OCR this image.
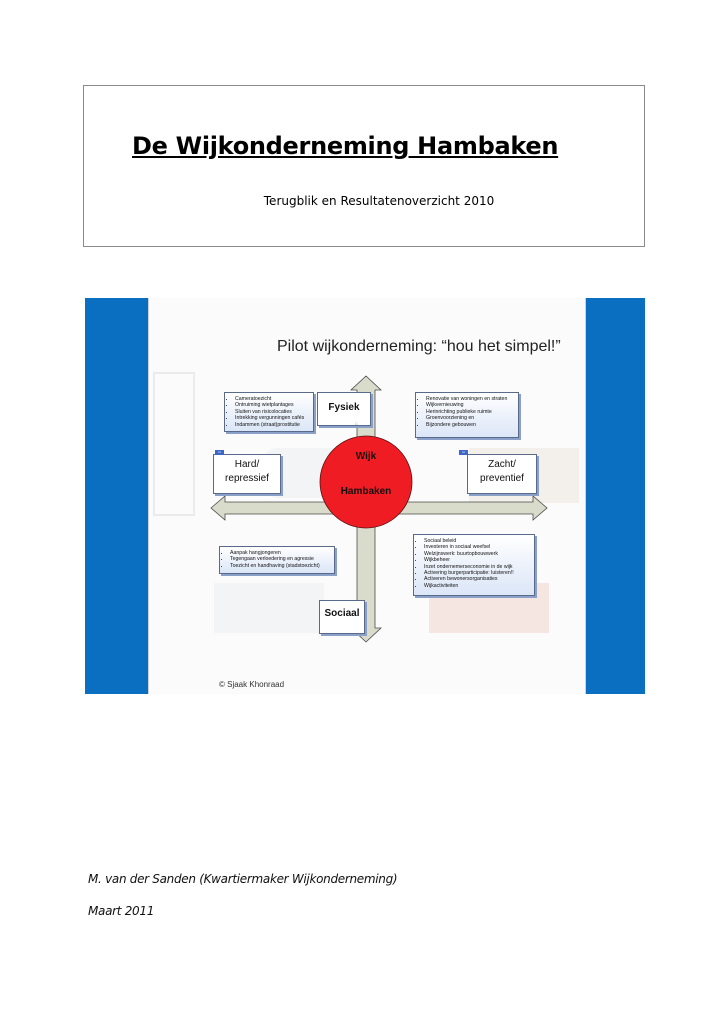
De Wijkonderneming Hambaken
Terugblik en Resultatenoverzicht 2010
Pilot wijkonderneming: “hou het simpel!”
Wijk
Hambaken
Fysiek
□
Sociaal
▪▪▪
Hard/
repressief
▪▪▪
Zacht/
preventief
• Cameratoezicht
• Ontruiming wietplantages
• Sluiten van risicolocaties
• Intrekking vergunningen cafés
• Indammen (straat)prostitutie
• Renovatie van woningen en straten
• Wijkvernieuwing
• Herinrichting publieke ruimte
• Groenvoorziening en
• Bijzondere gebouwen
• Aanpak hangjongeren
• Tegengaan verloedering en agressie
• Toezicht en handhaving (stadstoezicht)
• Sociaal beleid
• Investeren in sociaal weefsel
• Welzijnswerk: buurtopbouwwerk
• Wijkbeheer
• Inzet ondernemerseconomie in de wijk
• Activering burgerparticipatie: luisteren!!
• Activeren bewonersorganisaties
• Wijkactiviteiten
© Sjaak Khonraad
M. van der Sanden (Kwartiermaker Wijkonderneming)
Maart 2011
